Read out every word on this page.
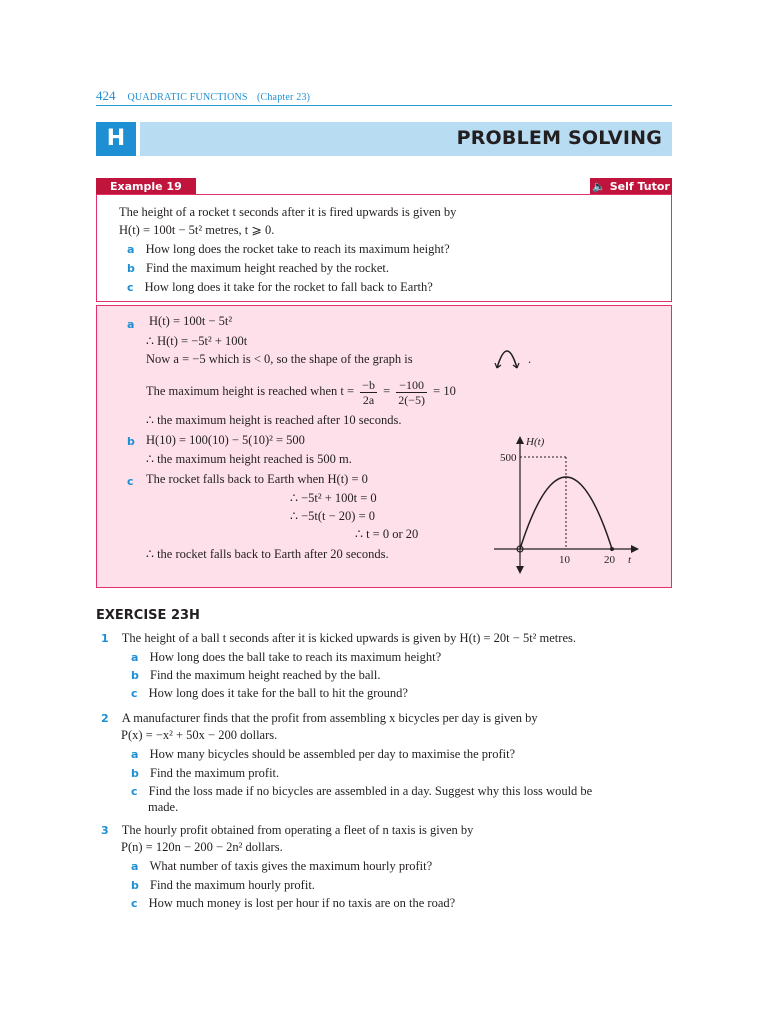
424 QUADRATIC FUNCTIONS (Chapter 23)
H	PROBLEM SOLVING
Example 19	🔈 Self Tutor
The height of a rocket t seconds after it is fired upwards is given by
H(t) = 100t − 5t² metres, t ⩾ 0.
a How long does the rocket take to reach its maximum height?
b Find the maximum height reached by the rocket.
c How long does it take for the rocket to fall back to Earth?
a H(t) = 100t − 5t²
∴ H(t) = −5t² + 100t
Now a = −5 which is < 0, so the shape of the graph is	.
The maximum height is reached when $t = \frac{-b}{2a} = \frac{-100}{2(-5)} = 10$
∴ the maximum height is reached after 10 seconds.
b H(10) = 100(10) − 5(10)² = 500
∴ the maximum height reached is 500 m.
c The rocket falls back to Earth when H(t) = 0
∴ −5t² + 100t = 0
∴ −5t(t − 20) = 0
∴ t = 0 or 20
∴ the rocket falls back to Earth after 20 seconds.
H(t)
500
10	20 t
EXERCISE 23H
1 The height of a ball t seconds after it is kicked upwards is given by H(t) = 20t − 5t² metres.
a How long does the ball take to reach its maximum height?
b Find the maximum height reached by the ball.
c How long does it take for the ball to hit the ground?
2 A manufacturer finds that the profit from assembling x bicycles per day is given by
P(x) = −x² + 50x − 200 dollars.
a How many bicycles should be assembled per day to maximise the profit?
b Find the maximum profit.
c Find the loss made if no bicycles are assembled in a day. Suggest why this loss would be
made.
3 The hourly profit obtained from operating a fleet of n taxis is given by
P(n) = 120n − 200 − 2n² dollars.
a What number of taxis gives the maximum hourly profit?
b Find the maximum hourly profit.
c How much money is lost per hour if no taxis are on the road?
